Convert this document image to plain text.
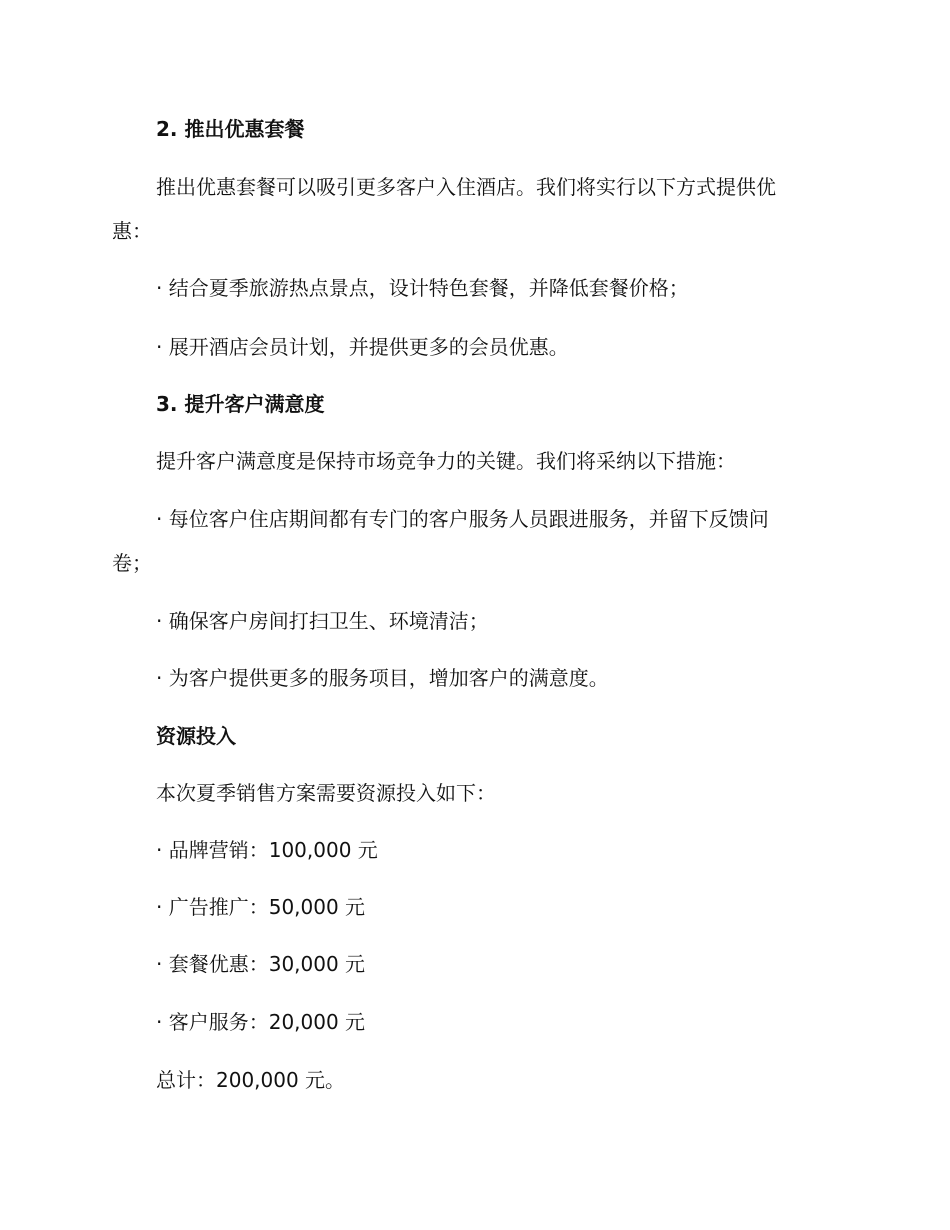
2. 推出优惠套餐
推出优惠套餐可以吸引更多客户入住酒店。我们将实行以下方式提供优
惠：
· 结合夏季旅游热点景点，设计特色套餐，并降低套餐价格；
· 展开酒店会员计划，并提供更多的会员优惠。
3. 提升客户满意度
提升客户满意度是保持市场竞争力的关键。我们将采纳以下措施：
· 每位客户住店期间都有专门的客户服务人员跟进服务，并留下反馈问
卷；
· 确保客户房间打扫卫生、环境清洁；
· 为客户提供更多的服务项目，增加客户的满意度。
资源投入
本次夏季销售方案需要资源投入如下：
· 品牌营销：100,000 元
· 广告推广：50,000 元
· 套餐优惠：30,000 元
· 客户服务：20,000 元
总计：200,000 元。
